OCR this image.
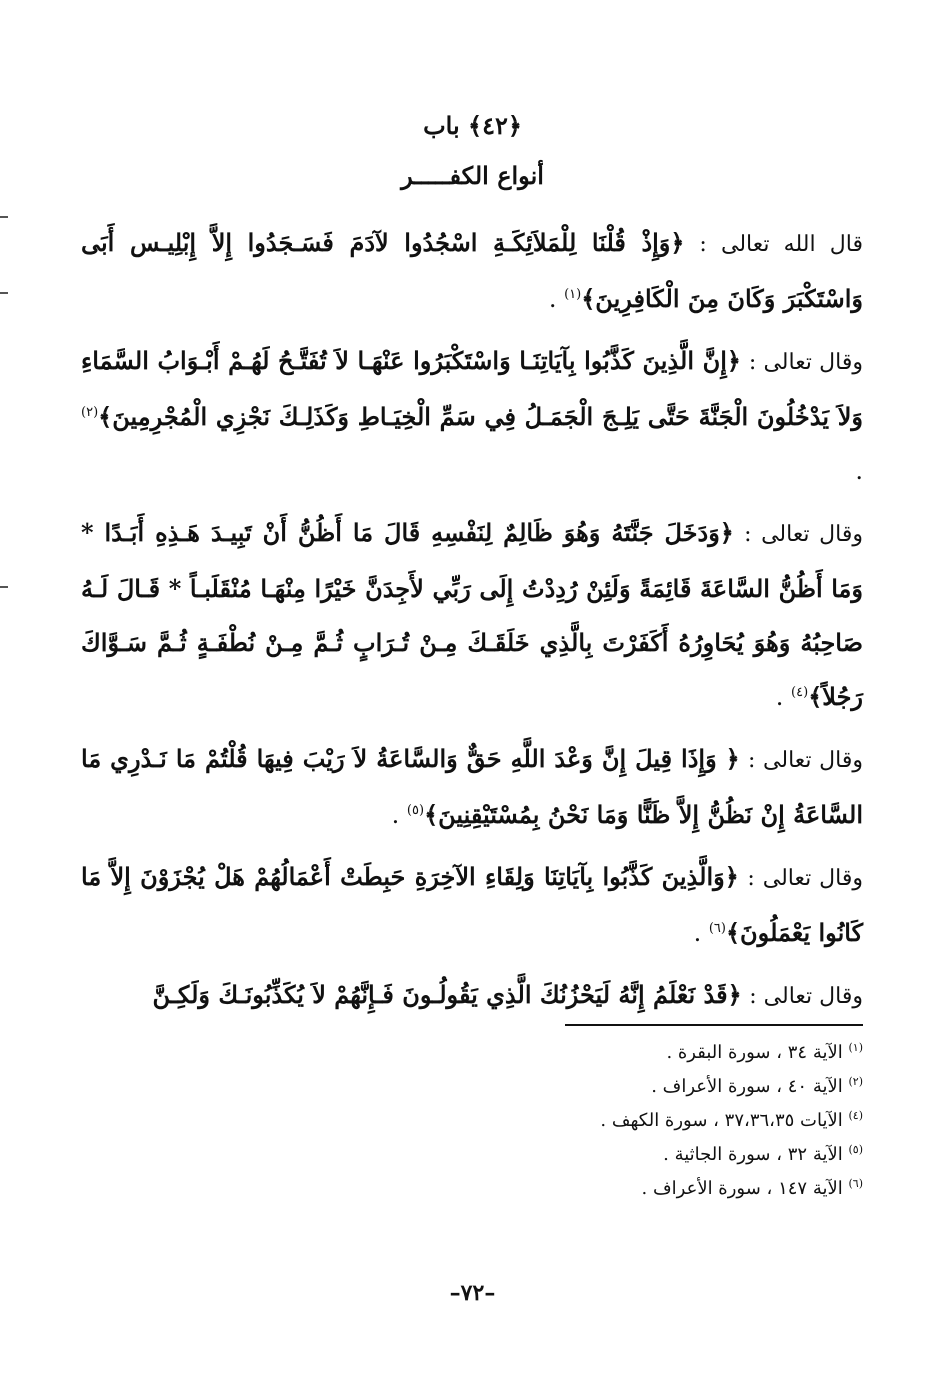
﴿٤٢﴾ باب
أنواع الكفـــــر

قال الله تعالى : ﴿وَإِذْ قُلْنَا لِلْمَلاَئِكَـةِ اسْجُدُوا لآدَمَ فَسَـجَدُوا إِلاَّ إِبْلِيـس أَبَى وَاسْتَكْبَرَ وَكَانَ مِنَ الْكَافِرِينَ﴾$^{(١)}$ .

وقال تعالى : ﴿إِنَّ الَّذِينَ كَذَّبُوا بِآيَاتِنَـا وَاسْتَكْبَرُوا عَنْهَـا لاَ تُفَتَّـحُ لَهُـمْ أَبْـوَابُ السَّمَاءِ وَلاَ يَدْخُلُونَ الْجَنَّةَ حَتَّى يَلِـجَ الْجَمَـلُ فِي سَمِّ الْخِيَـاطِ وَكَذَلِـكَ نَجْزِي الْمُجْرِمِينَ﴾$^{(٢)}$ .

وقال تعالى : ﴿وَدَخَلَ جَنَّتَهُ وَهُوَ ظَالِمٌ لِنَفْسِهِ قَالَ مَا أَظُنُّ أَنْ تَبِيـدَ هَـذِهِ أَبَـدًا * وَمَا أَظُنُّ السَّاعَةَ قَائِمَةً وَلَئِنْ رُدِدْتُ إِلَى رَبِّي لأَجِدَنَّ خَيْرًا مِنْهَـا مُنْقَلَبـاً * قَـالَ لَـهُ صَاحِبُهُ وَهُوَ يُحَاوِرُهُ أَكَفَرْتَ بِالَّذِي خَلَقَـكَ مِـنْ تُـرَابٍ ثُـمَّ مِـنْ نُطْفَـةٍ ثُـمَّ سَـوَّاكَ رَجُلاً﴾$^{(٤)}$ .

وقال تعالى : ﴿ وَإِذَا قِيلَ إِنَّ وَعْدَ اللَّهِ حَقٌّ وَالسَّاعَةُ لاَ رَيْبَ فِيهَا قُلْتُمْ مَا نَـدْرِي مَا السَّاعَةُ إِنْ نَظُنُّ إِلاَّ ظَنًّا وَمَا نَحْنُ بِمُسْتَيْقِنِينَ﴾$^{(٥)}$ .

وقال تعالى : ﴿وَالَّذِينَ كَذَّبُوا بِآيَاتِنَا وَلِقَاءِ الآخِرَةِ حَبِطَتْ أَعْمَالُهُمْ هَلْ يُجْزَوْنَ إِلاَّ مَا كَانُوا يَعْمَلُونَ﴾$^{(٦)}$ .

وقال تعالى : ﴿قَدْ نَعْلَمُ إِنَّهُ لَيَحْزُنُكَ الَّذِي يَقُولُـونَ فَـإِنَّهُمْ لاَ يُكَذِّبُونَـكَ وَلَكِـنَّ

$^{(١)}$ الآية ٣٤ ، سورة البقرة .
$^{(٢)}$ الآية ٤٠ ، سورة الأعراف .
$^{(٤)}$ الآيات ٣٧،٣٦،٣٥ ، سورة الكهف .
$^{(٥)}$ الآية ٣٢ ، سورة الجاثية .
$^{(٦)}$ الآية ١٤٧ ، سورة الأعراف .
–٧٢–
